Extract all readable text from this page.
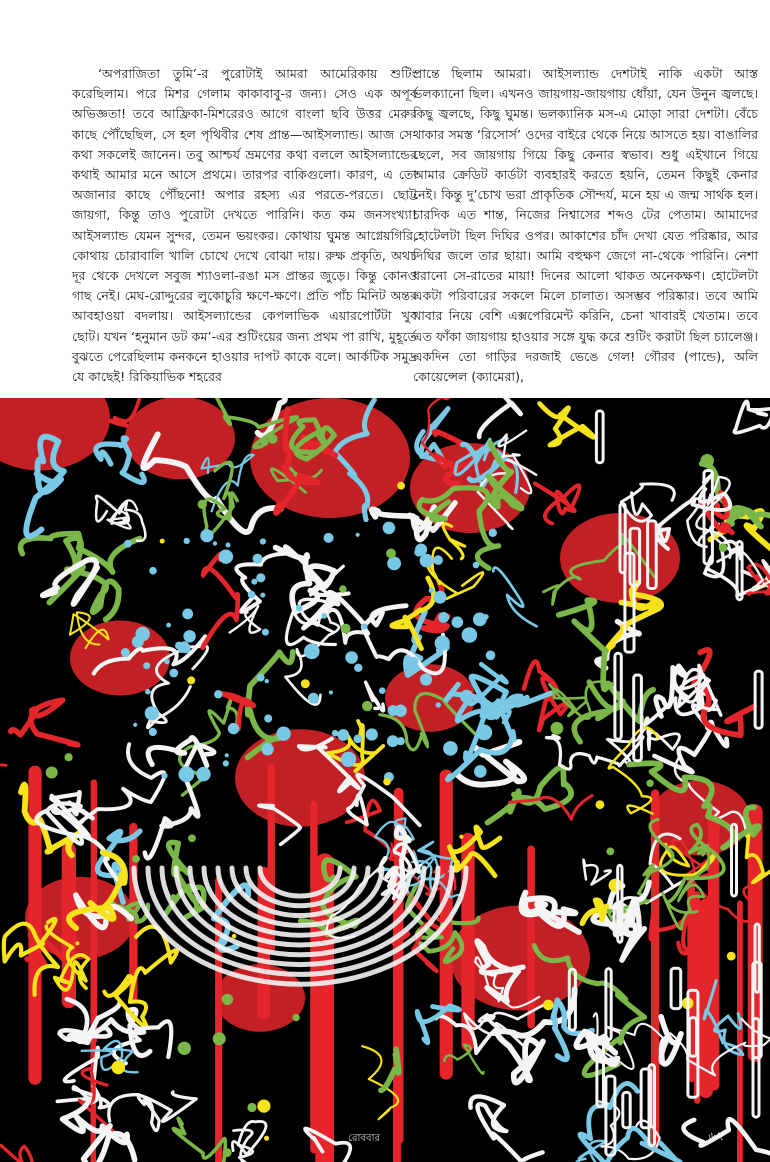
‘অপরাজিতা তুমি’-র পুরোটাই আমরা আমেরিকায় শুটিং করেছিলাম। পরে মিশর গেলাম কাকাবাবু-র জন্য। সেও এক অপূর্ব অভিজ্ঞতা! তবে আফ্রিকা-মিশরেরও আগে বাংলা ছবি উত্তর মেরুর কাছে পৌঁছেছিল, সে হল পৃথিবীর শেষ প্রান্ত—আইসল্যান্ড। আজ সে-কথা সকলেই জানেন। তবু আশ্চর্য ভ্রমণের কথা বললে আইসল্যান্ডের কথাই আমার মনে আসে প্রথমে। তারপর বাকিগুলো। কারণ, এ তো অজানার কাছে পৌঁছনো! অপার রহস্য এর পরতে-পরতে। ছোট্ট জায়গা, কিন্তু তাও পুরোটা দেখতে পারিনি। কত কম জনসংখ্যা! আইসল্যান্ড যেমন সুন্দর, তেমন ভয়ংকর। কোথায় ঘুমন্ত আগ্নেয়গিরি, কোথায় চোরাবালি খালি চোখে দেখে বোঝা দায়। রুক্ষ প্রকৃতি, অথচ দূর থেকে দেখলে সবুজ শ্যাওলা-রঙা মস প্রান্তর জুড়ে। কিন্তু কোনও গাছ নেই। মেঘ-রোদ্দুরের লুকোচুরি ক্ষণে-ক্ষণে। প্রতি পাঁচ মিনিট অন্তর আবহাওয়া বদলায়। আইসল্যান্ডের কেপলাভিক এয়ারপোর্টটা খুব ছোট। যখন ‘হনুমান ডট কম’-এর শুটিংয়ের জন্য প্রথম পা রাখি, মুহূর্তে বুঝতে পেরেছিলাম কনকনে হাওয়ার দাপট কাকে বলে। আর্কটিক সমুদ্র যে কাছেই! রিকিয়াভিক শহরের

প্রান্তে ছিলাম আমরা। আইসল্যান্ড দেশটাই নাকি একটা আস্ত ভলক্যানো ছিল। এখনও জায়গায়-জায়গায় ধোঁয়া, যেন উনুন জ্বলছে। কিছু জ্বলছে, কিছু ঘুমন্ত। ভলক্যানিক মস-এ মোড়া সারা দেশটা। বেঁচে থাকার সমস্ত ‘রিসোর্স’ ওদের বাইরে থেকে নিয়ে আসতে হয়। বাঙালির ছেলে, সব জায়গায় গিয়ে কিছু কেনার স্বভাব। শুধু এইখানে গিয়ে আমার ক্রেডিট কার্ডটা ব্যবহারই করতে হয়নি, তেমন কিছুই কেনার নেই। কিন্তু দু’চোখ ভরা প্রাকৃতিক সৌন্দর্য, মনে হয় এ জন্ম সার্থক হল। চারদিক এত শান্ত, নিজের নিশ্বাসের শব্দও টের পেতাম। আমাদের হোটেলটা ছিল দিঘির ওপর। আকাশের চাঁদ দেখা যেত পরিষ্কার, আর দিঘির জলে তার ছায়া। আমি বহুক্ষণ জেগে না-থেকে পারিনি। নেশা ধরানো সে-রাতের মায়া! দিনের আলো থাকত অনেকক্ষণ। হোটেলটা একটা পরিবারের সকলে মিলে চালাত। অসম্ভব পরিষ্কার। তবে আমি খাবার নিয়ে বেশি এক্সপেরিমেন্ট করিনি, চেনা খাবারই খেতাম। তবে এত ফাঁকা জায়গায় হাওয়ার সঙ্গে যুদ্ধ করে শুটিং করাটা ছিল চ্যালেঞ্জ। একদিন তো গাড়ির দরজাই ভেঙে গেল! গৌরব (পান্ডে), অলি কোয়েন্সেল (ক্যামেরা),

রোববার	৬৭
